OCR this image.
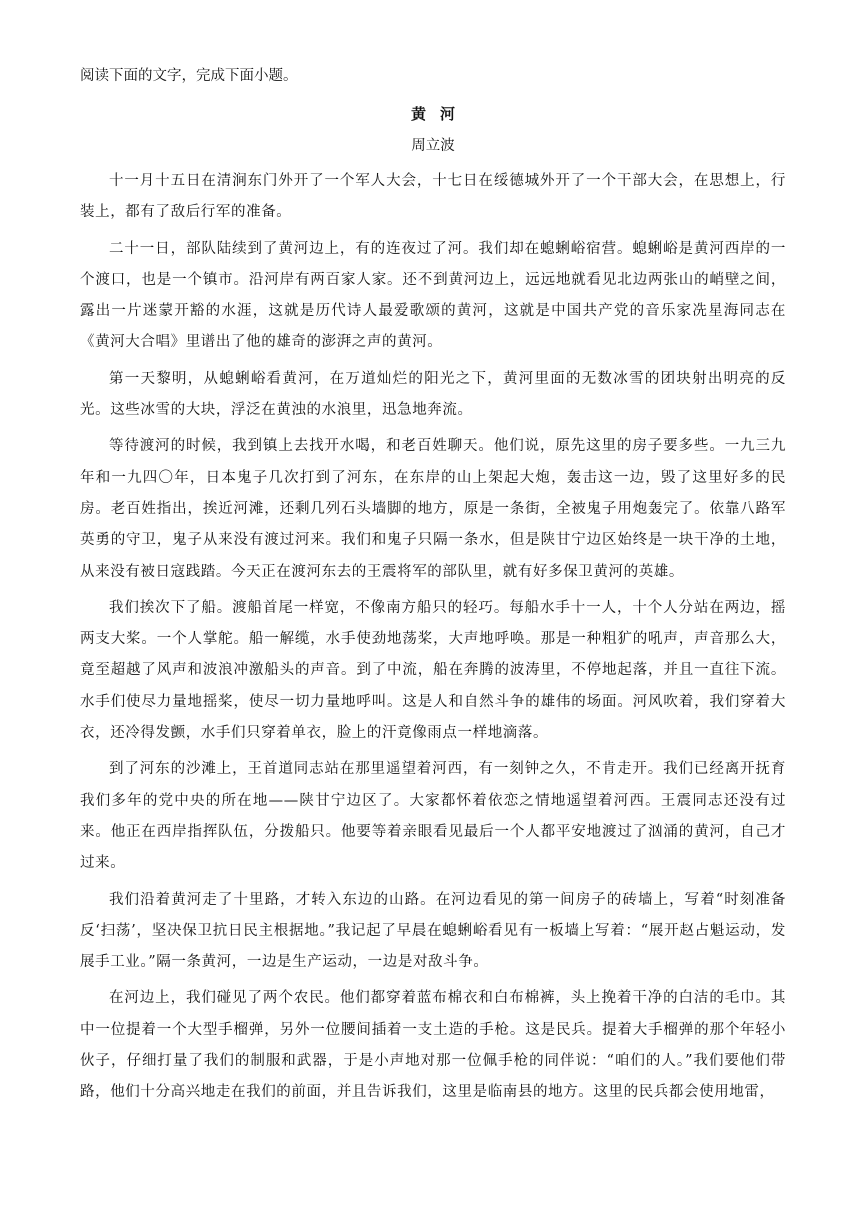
阅读下面的文字，完成下面小题。

黄河

周立波

十一月十五日在清涧东门外开了一个军人大会，十七日在绥德城外开了一个干部大会，在思想上，行装上，都有了敌后行军的准备。

二十一日，部队陆续到了黄河边上，有的连夜过了河。我们却在螅蜊峪宿营。螅蜊峪是黄河西岸的一个渡口，也是一个镇市。沿河岸有两百家人家。还不到黄河边上，远远地就看见北边两张山的峭壁之间，露出一片迷蒙开豁的水涯，这就是历代诗人最爱歌颂的黄河，这就是中国共产党的音乐家冼星海同志在《黄河大合唱》里谱出了他的雄奇的澎湃之声的黄河。

第一天黎明，从螅蜊峪看黄河，在万道灿烂的阳光之下，黄河里面的无数冰雪的团块射出明亮的反光。这些冰雪的大块，浮泛在黄浊的水浪里，迅急地奔流。

等待渡河的时候，我到镇上去找开水喝，和老百姓聊天。他们说，原先这里的房子要多些。一九三九年和一九四〇年，日本鬼子几次打到了河东，在东岸的山上架起大炮，轰击这一边，毁了这里好多的民房。老百姓指出，挨近河滩，还剩几列石头墙脚的地方，原是一条街，全被鬼子用炮轰完了。依靠八路军英勇的守卫，鬼子从来没有渡过河来。我们和鬼子只隔一条水，但是陕甘宁边区始终是一块干净的土地，从来没有被日寇践踏。今天正在渡河东去的王震将军的部队里，就有好多保卫黄河的英雄。

我们挨次下了船。渡船首尾一样宽，不像南方船只的轻巧。每船水手十一人，十个人分站在两边，摇两支大桨。一个人掌舵。船一解缆，水手使劲地荡桨，大声地呼唤。那是一种粗犷的吼声，声音那么大，竟至超越了风声和波浪冲激船头的声音。到了中流，船在奔腾的波涛里，不停地起落，并且一直往下流。水手们使尽力量地摇桨，使尽一切力量地呼叫。这是人和自然斗争的雄伟的场面。河风吹着，我们穿着大衣，还冷得发颤，水手们只穿着单衣，脸上的汗竟像雨点一样地滴落。

到了河东的沙滩上，王首道同志站在那里遥望着河西，有一刻钟之久，不肯走开。我们已经离开抚育我们多年的党中央的所在地——陕甘宁边区了。大家都怀着依恋之情地遥望着河西。王震同志还没有过来。他正在西岸指挥队伍，分拨船只。他要等着亲眼看见最后一个人都平安地渡过了汹涌的黄河，自己才过来。

我们沿着黄河走了十里路，才转入东边的山路。在河边看见的第一间房子的砖墙上，写着“时刻准备反‘扫荡’，坚决保卫抗日民主根据地。”我记起了早晨在螅蜊峪看见有一板墙上写着：“展开赵占魁运动，发展手工业。”隔一条黄河，一边是生产运动，一边是对敌斗争。

在河边上，我们碰见了两个农民。他们都穿着蓝布棉衣和白布棉裤，头上挽着干净的白洁的毛巾。其中一位提着一个大型手榴弹，另外一位腰间插着一支土造的手枪。这是民兵。提着大手榴弹的那个年轻小伙子，仔细打量了我们的制服和武器，于是小声地对那一位佩手枪的同伴说：“咱们的人。”我们要他们带路，他们十分高兴地走在我们的前面，并且告诉我们，这里是临南县的地方。这里的民兵都会使用地雷，
